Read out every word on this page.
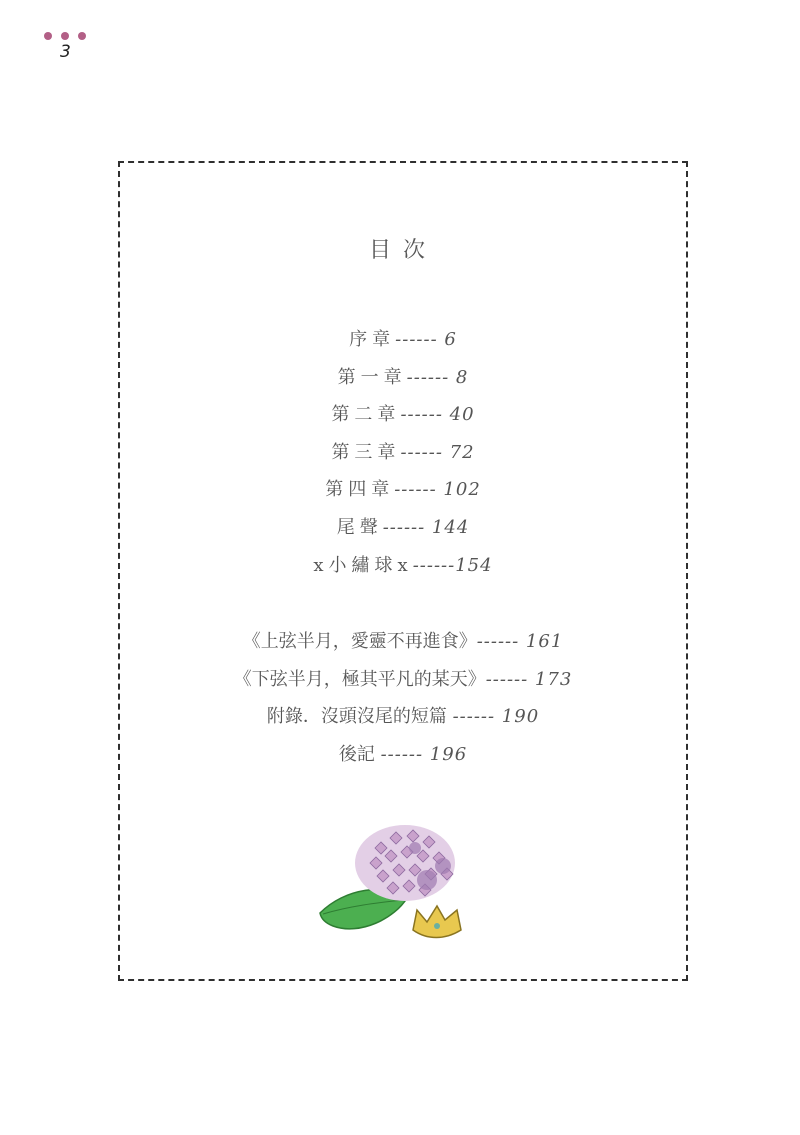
3
目次
序章------ 6
第一章------ 8
第二章------ 40
第三章------ 72
第四章------ 102
尾聲------ 144
x小繡球x------154
《上弦半月，愛靈不再進食》------ 161
《下弦半月，極其平凡的某天》------ 173
附錄．沒頭沒尾的短篇 ------ 190
後記 ------ 196
